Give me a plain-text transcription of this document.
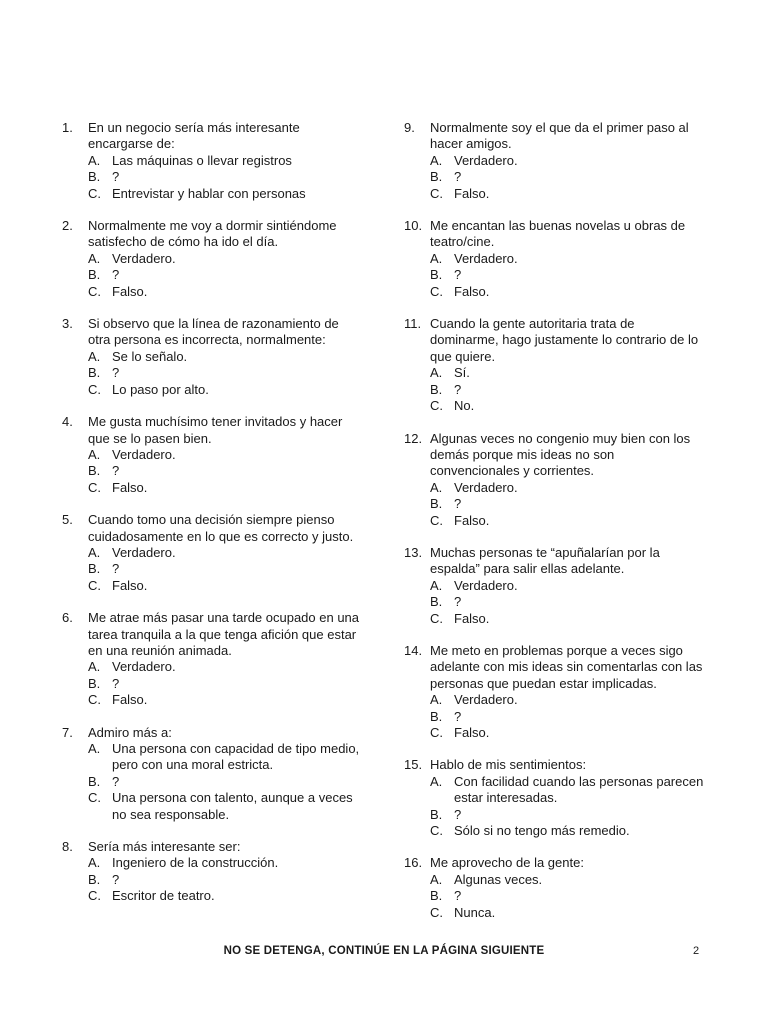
1.	En un negocio sería más interesante encargarse de:
A. Las máquinas o llevar registros
B. ?
C. Entrevistar y hablar con personas
2.	Normalmente me voy a dormir sintiéndome satisfecho de cómo ha ido el día.
A. Verdadero.
B. ?
C. Falso.
3.	Si observo que la línea de razonamiento de otra persona es incorrecta, normalmente:
A. Se lo señalo.
B. ?
C. Lo paso por alto.
4.	Me gusta muchísimo tener invitados y hacer que se lo pasen bien.
A. Verdadero.
B. ?
C. Falso.
5.	Cuando tomo una decisión siempre pienso cuidadosamente en lo que es correcto y justo.
A. Verdadero.
B. ?
C. Falso.
6.	Me atrae más pasar una tarde ocupado en una tarea tranquila a la que tenga afición que estar en una reunión animada.
A. Verdadero.
B. ?
C. Falso.
7.	Admiro más a:
A. Una persona con capacidad de tipo medio, pero con una moral estricta.
B. ?
C. Una persona con talento, aunque a veces no sea responsable.
8.	Sería más interesante ser:
A. Ingeniero de la construcción.
B. ?
C. Escritor de teatro.
9.	Normalmente soy el que da el primer paso al hacer amigos.
A. Verdadero.
B. ?
C. Falso.
10. Me encantan las buenas novelas u obras de teatro/cine.
A. Verdadero.
B. ?
C. Falso.
11. Cuando la gente autoritaria trata de dominarme, hago justamente lo contrario de lo que quiere.
A. Sí.
B. ?
C. No.
12. Algunas veces no congenio muy bien con los demás porque mis ideas no son convencionales y corrientes.
A. Verdadero.
B. ?
C. Falso.
13. Muchas personas te “apuñalarían por la espalda” para salir ellas adelante.
A. Verdadero.
B. ?
C. Falso.
14. Me meto en problemas porque a veces sigo adelante con mis ideas sin comentarlas con las personas que puedan estar implicadas.
A. Verdadero.
B. ?
C. Falso.
15. Hablo de mis sentimientos:
A. Con facilidad cuando las personas parecen estar interesadas.
B. ?
C. Sólo si no tengo más remedio.
16. Me aprovecho de la gente:
A. Algunas veces.
B. ?
C. Nunca.
NO SE DETENGA, CONTINÚE EN LA PÁGINA SIGUIENTE	2
